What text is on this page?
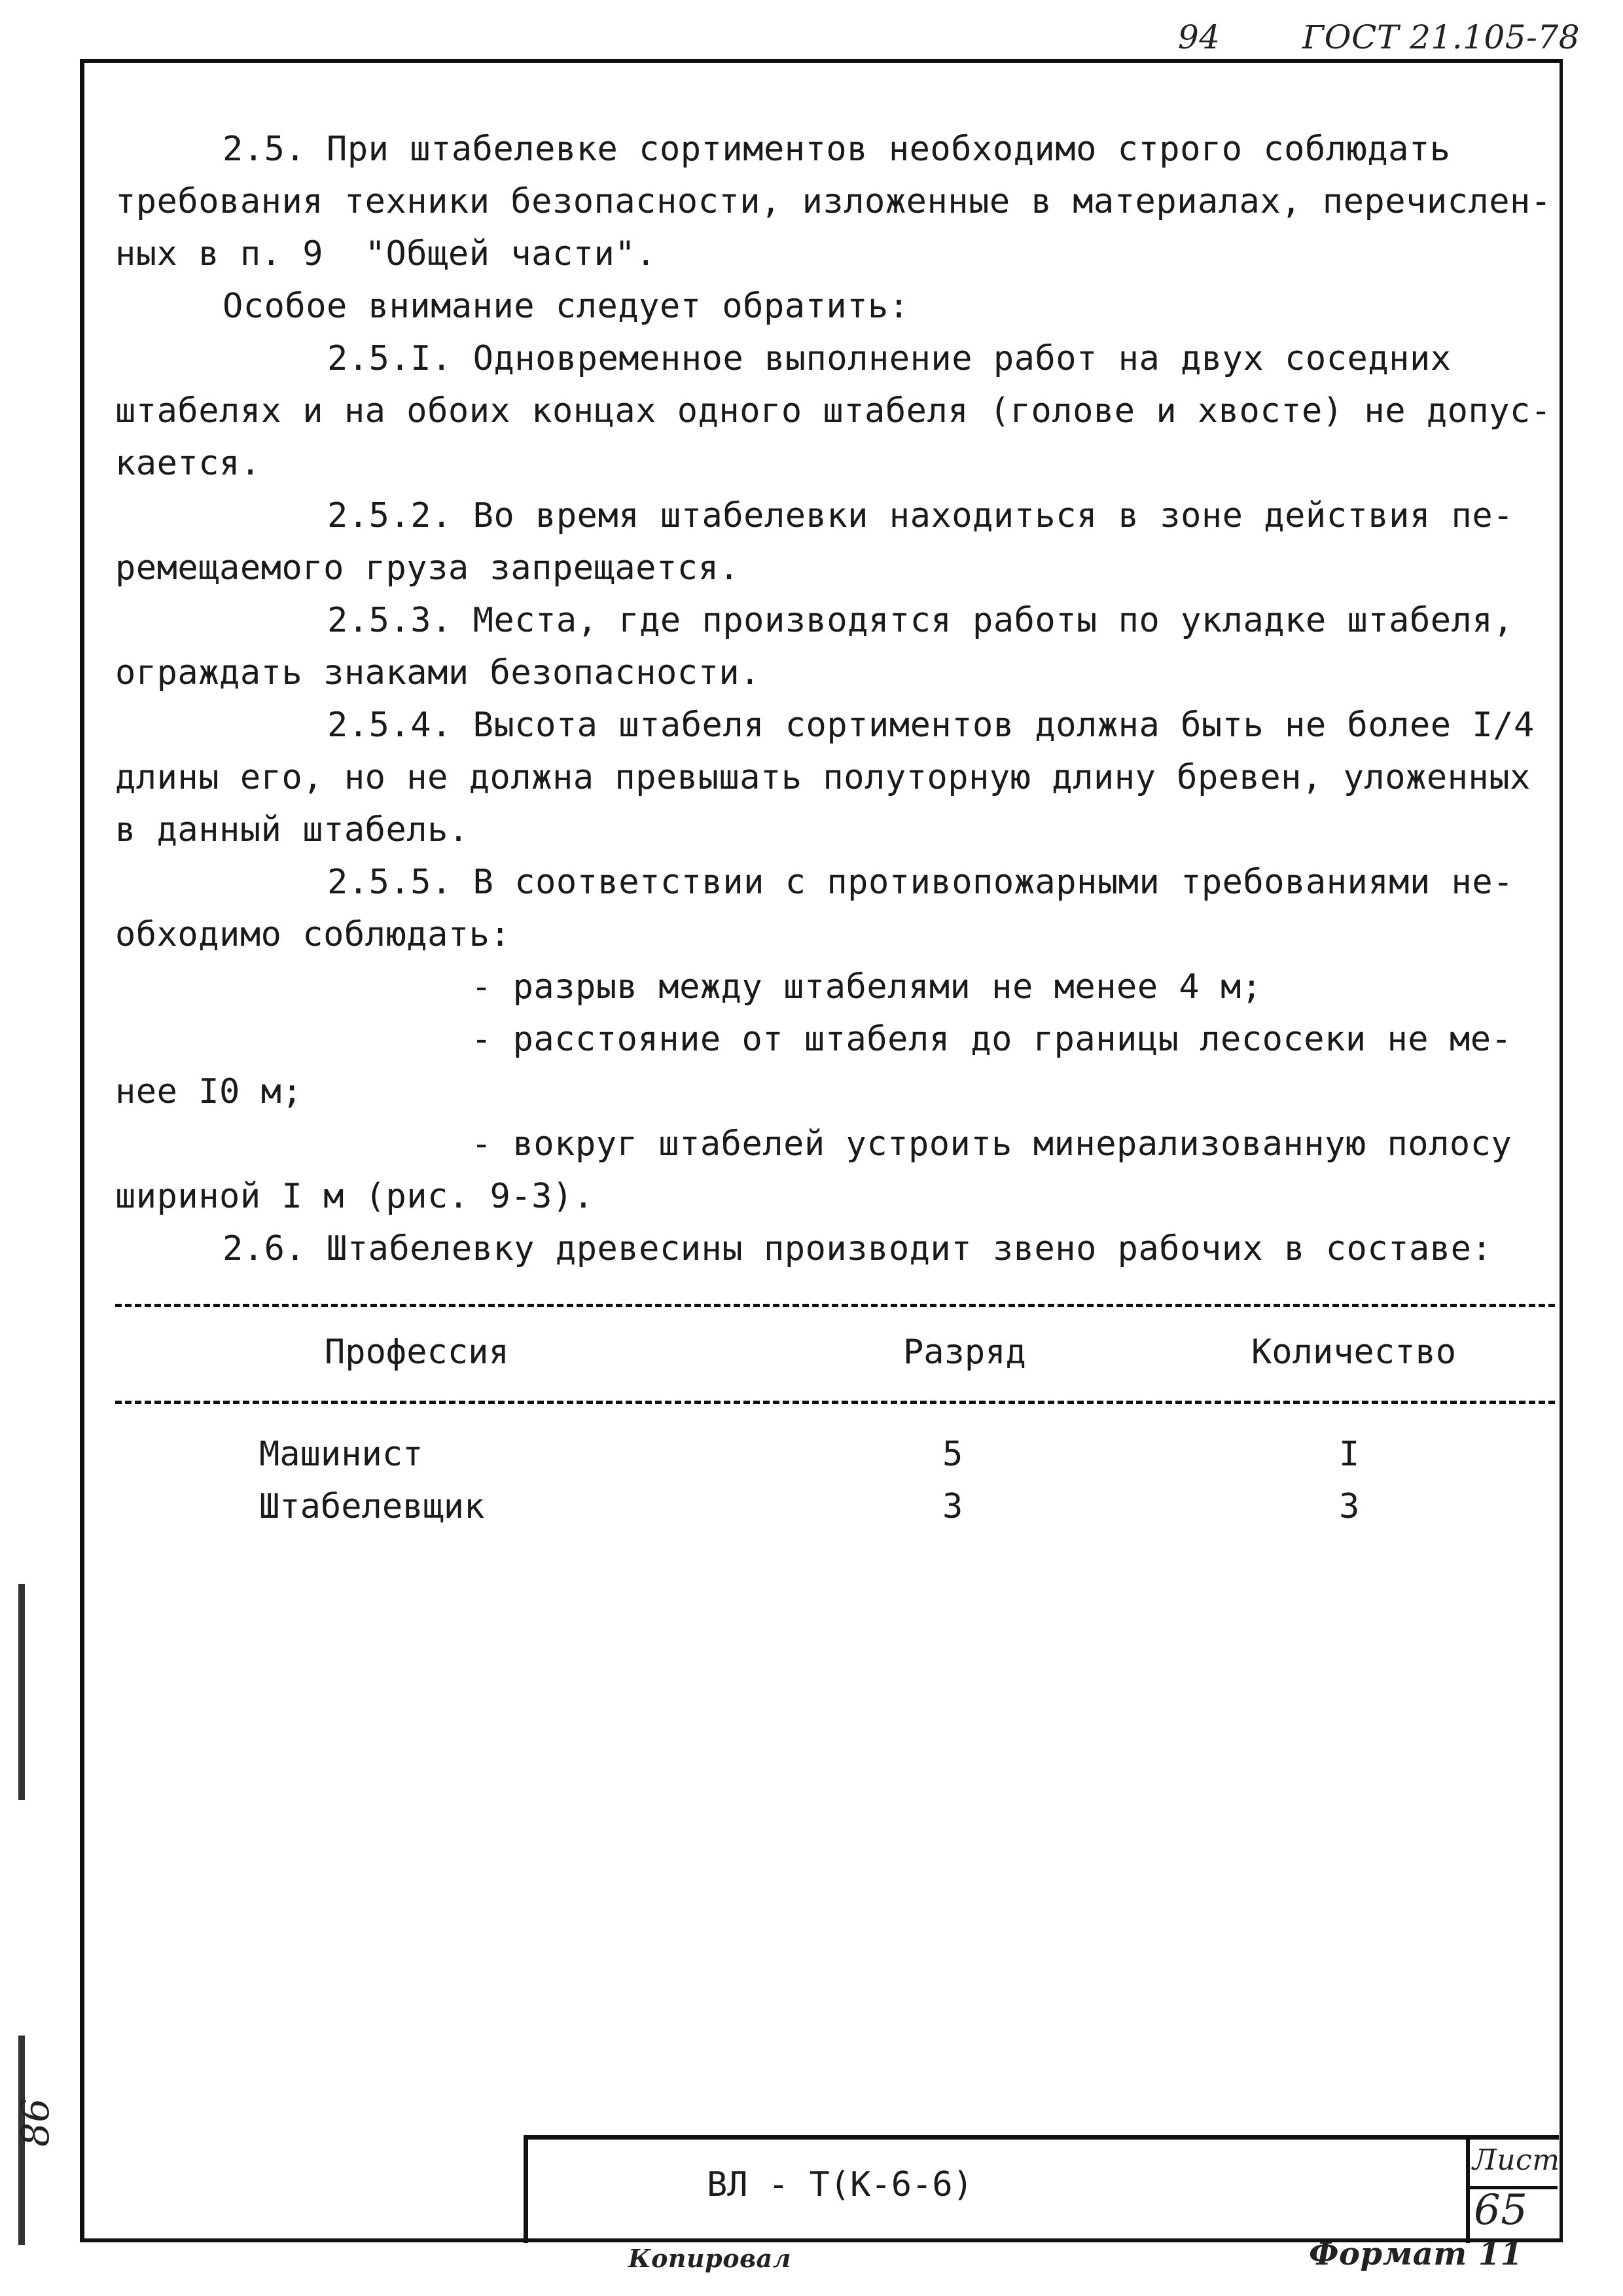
94	ГОСТ 21.105-78
2.5. При штабелевке сортиментов необходимо строго соблюдать
требования техники безопасности, изложенные в материалах, перечислен-
ных в п. 9  "Общей части".
Особое внимание следует обратить:
2.5.I. Одновременное выполнение работ на двух соседних
штабелях и на обоих концах одного штабеля (голове и хвосте) не допус-
кается.
2.5.2. Во время штабелевки находиться в зоне действия пе-
ремещаемого груза запрещается.
2.5.3. Места, где производятся работы по укладке штабеля,
ограждать знаками безопасности.
2.5.4. Высота штабеля сортиментов должна быть не более I/4
длины его, но не должна превышать полуторную длину бревен, уложенных
в данный штабель.
2.5.5. В соответствии с противопожарными требованиями не-
обходимо соблюдать:
- разрыв между штабелями не менее 4 м;
- расстояние от штабеля до границы лесосеки не ме-
нее I0 м;
- вокруг штабелей устроить минерализованную полосу
шириной I м (рис. 9-3).
2.6. Штабелевку древесины производит звено рабочих в составе:
Профессия	Разряд	Количество
Машинист	5	I
Штабелевщик	3	3
ВЛ - Т(К-6-6)
Лист
65
Копировал	Формат 11
86
